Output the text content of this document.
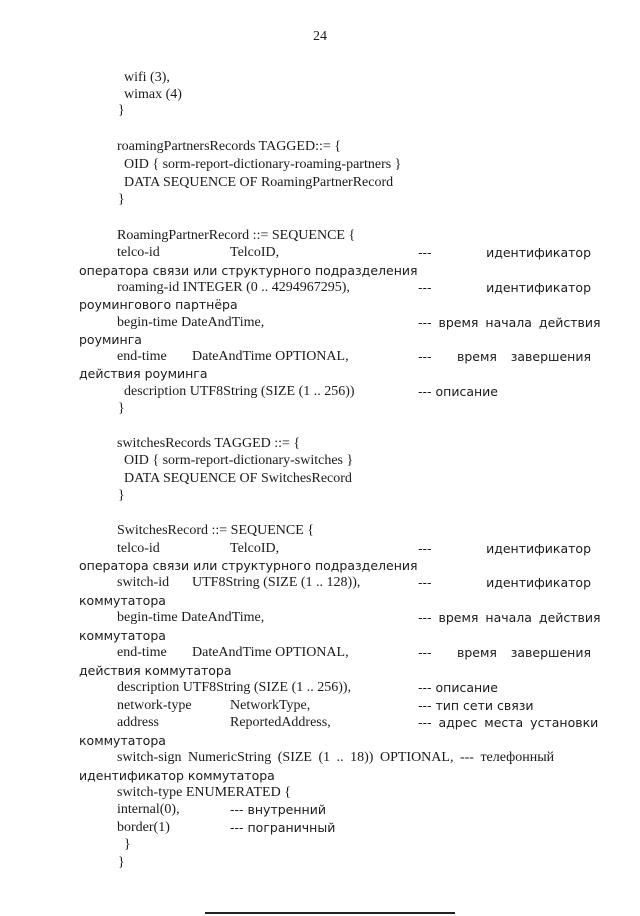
24
wifi (3),
wimax (4)
}
roamingPartnersRecords TAGGED::= {
OID { sorm-report-dictionary-roaming-partners }
DATA SEQUENCE OF RoamingPartnerRecord
}
RoamingPartnerRecord ::= SEQUENCE {
telco-id	TelcoID,	---	идентификатор
оператора связи или структурного подразделения
roaming-id INTEGER (0 .. 4294967295),	---	идентификатор
роумингового партнёра
begin-time DateAndTime,	--- время начала действия
роуминга
end-time DateAndTime OPTIONAL,	--- время завершения
действия роуминга
description UTF8String (SIZE (1 .. 256))	--- описание
}
switchesRecords TAGGED ::= {
OID { sorm-report-dictionary-switches }
DATA SEQUENCE OF SwitchesRecord
}
SwitchesRecord ::= SEQUENCE {
telco-id	TelcoID,	---	идентификатор
оператора связи или структурного подразделения
switch-id UTF8String (SIZE (1 .. 128)),	---	идентификатор
коммутатора
begin-time DateAndTime,	--- время начала действия
коммутатора
end-time DateAndTime OPTIONAL,	--- время завершения
действия коммутатора
description UTF8String (SIZE (1 .. 256)),	--- описание
network-type	NetworkType,	--- тип сети связи
address	ReportedAddress,	--- адрес места установки
коммутатора
switch-sign NumericString (SIZE (1 .. 18)) OPTIONAL, --- телефонный
идентификатор коммутатора
switch-type ENUMERATED {
internal(0),	--- внутренний
border(1)	--- пограничный
}
}
